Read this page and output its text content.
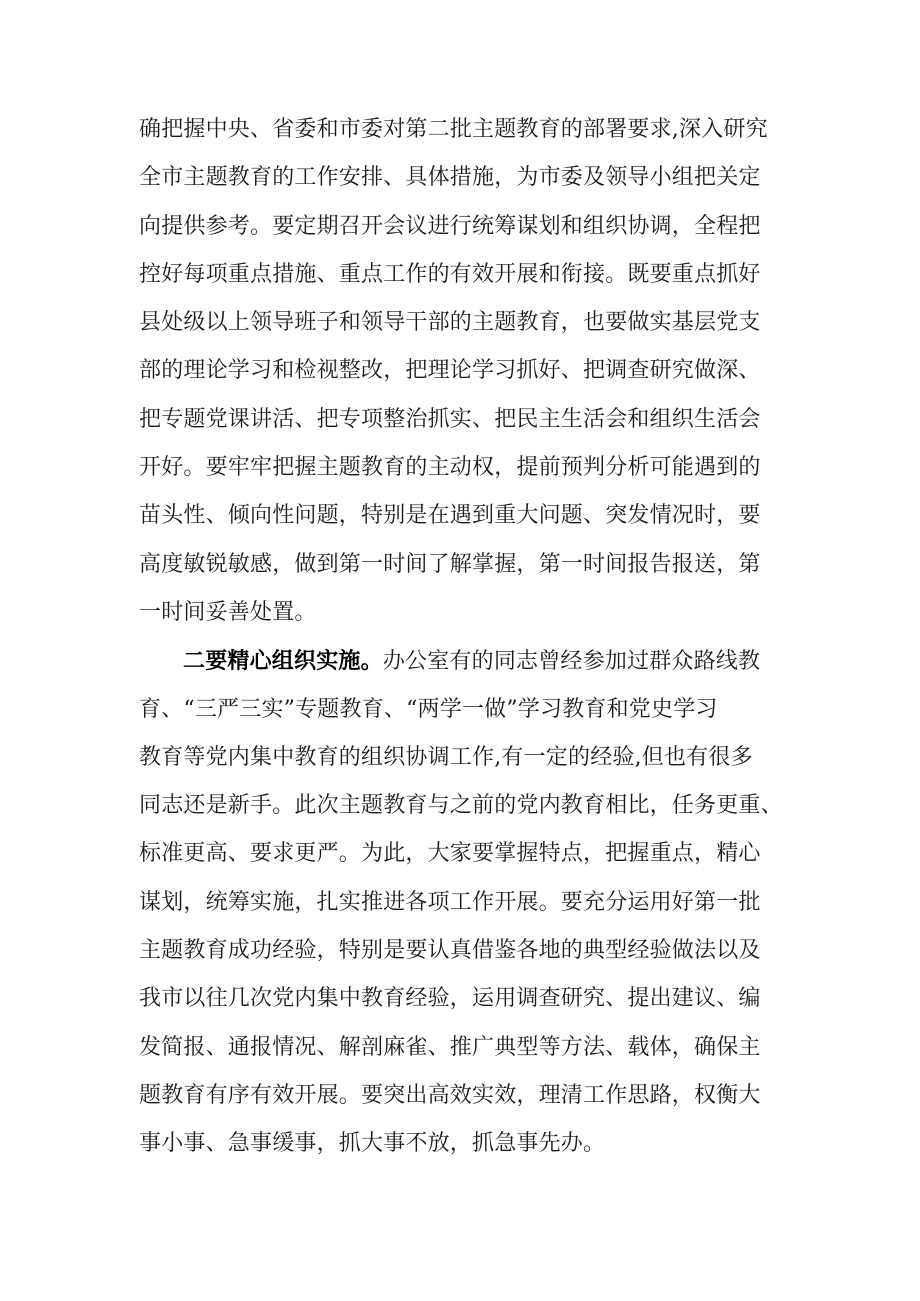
确把握中央、省委和市委对第二批主题教育的部署要求,深入研究
全市主题教育的工作安排、具体措施，为市委及领导小组把关定
向提供参考。要定期召开会议进行统筹谋划和组织协调，全程把
控好每项重点措施、重点工作的有效开展和衔接。既要重点抓好
县处级以上领导班子和领导干部的主题教育，也要做实基层党支
部的理论学习和检视整改，把理论学习抓好、把调查研究做深、
把专题党课讲活、把专项整治抓实、把民主生活会和组织生活会
开好。要牢牢把握主题教育的主动权，提前预判分析可能遇到的
苗头性、倾向性问题，特别是在遇到重大问题、突发情况时，要
高度敏锐敏感，做到第一时间了解掌握，第一时间报告报送，第
一时间妥善处置。
二要精心组织实施。办公室有的同志曾经参加过群众路线教
育、“三严三实”专题教育、“两学一做”学习教育和党史学习
教育等党内集中教育的组织协调工作,有一定的经验,但也有很多
同志还是新手。此次主题教育与之前的党内教育相比，任务更重、
标准更高、要求更严。为此，大家要掌握特点，把握重点，精心
谋划，统筹实施，扎实推进各项工作开展。要充分运用好第一批
主题教育成功经验，特别是要认真借鉴各地的典型经验做法以及
我市以往几次党内集中教育经验，运用调查研究、提出建议、编
发简报、通报情况、解剖麻雀、推广典型等方法、载体，确保主
题教育有序有效开展。要突出高效实效，理清工作思路，权衡大
事小事、急事缓事，抓大事不放，抓急事先办。
